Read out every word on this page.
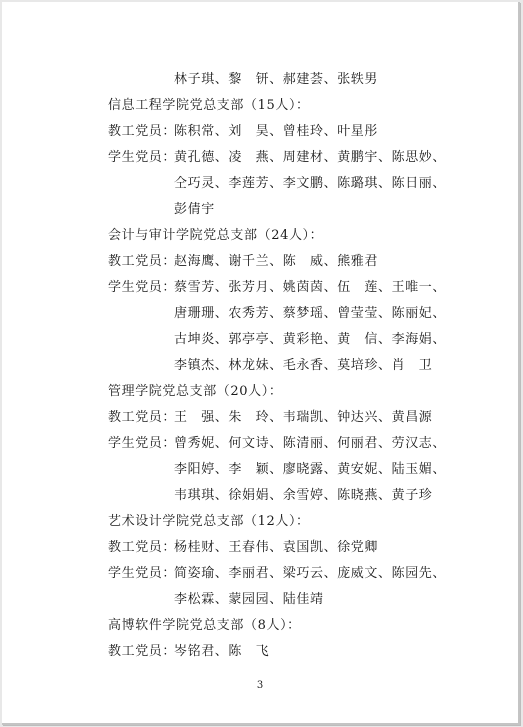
林子琪、黎　钘、郝建荟、张轶男
信息工程学院党总支部（15人）：
教工党员：
陈积常、刘　昊、曾桂玲、叶星彤
学生党员：
黄孔德、凌　燕、周建材、黄鹏宇、陈思妙、
仝巧灵、李莲芳、李文鹏、陈璐琪、陈日丽、
彭倩宇
会计与审计学院党总支部（24人）：
教工党员：
赵海鹰、谢千兰、陈　威、熊雅君
学生党员：
蔡雪芳、张芳月、姚茵茵、伍　莲、王唯一、
唐珊珊、农秀芳、蔡梦瑶、曾莹莹、陈丽妃、
古坤炎、郭亭亭、黄彩艳、黄　信、李海娟、
李镇杰、林龙妹、毛永香、莫培珍、肖　卫
管理学院党总支部（20人）：
教工党员：
王　强、朱　玲、韦瑞凯、钟达兴、黄昌源
学生党员：
曾秀妮、何文诗、陈清丽、何丽君、劳汉志、
李阳婷、李　颖、廖晓露、黄安妮、陆玉媚、
韦琪琪、徐娟娟、余雪婷、陈晓燕、黄子珍
艺术设计学院党总支部（12人）：
教工党员：
杨桂财、王春伟、袁国凯、徐党卿
学生党员：
简姿瑜、李丽君、梁巧云、庞威文、陈园先、
李松霖、蒙园园、陆佳靖
高博软件学院党总支部（8人）：
教工党员：
岑铭君、陈　飞
3
